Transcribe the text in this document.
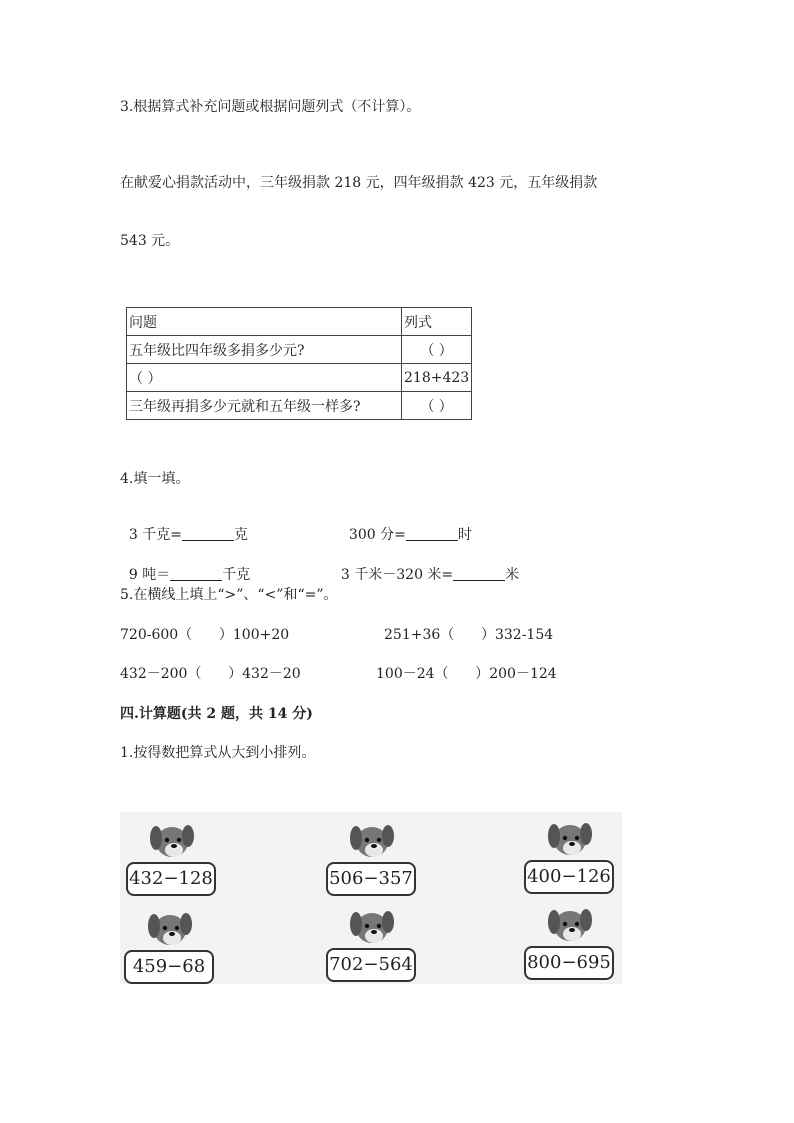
3.根据算式补充问题或根据问题列式（不计算）。
在献爱心捐款活动中，三年级捐款 218 元，四年级捐款 423 元，五年级捐款
543 元。
问题	列式
五年级比四年级多捐多少元?	（ ）
（ ）	218+423
三年级再捐多少元就和五年级一样多?	（ ）
4.填一填。

3 千克=	克	300 分=	时

9 吨＝	千克	3 千米－320 米=	米

5.在横线上填上“>”、“<”和“=”。
720-600（      ）100+20	251+36（      ）332-154
432－200（      ）432－20	100－24（      ）200－124
四.计算题(共 2 题，共 14 分)
1.按得数把算式从大到小排列。
432−128	506−357	400−126
459−68	702−564	800−695
